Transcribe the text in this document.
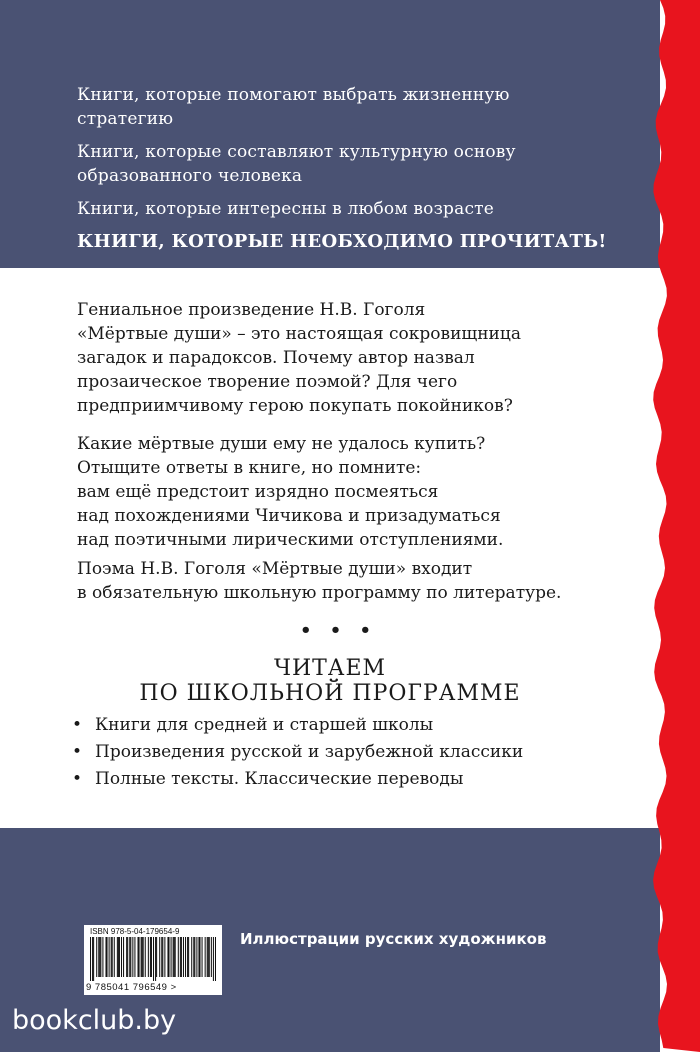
Книги, которые помогают выбрать жизненную
стратегию
Книги, которые составляют культурную основу
образованного человека
Книги, которые интересны в любом возрасте
КНИГИ, КОТОРЫЕ НЕОБХОДИМО ПРОЧИТАТЬ!
Гениальное произведение Н.В. Гоголя
«Мёртвые души» – это настоящая сокровищница
загадок и парадоксов. Почему автор назвал
прозаическое творение поэмой? Для чего
предприимчивому герою покупать покойников?
Какие мёртвые души ему не удалось купить?
Отыщите ответы в книге, но помните:
вам ещё предстоит изрядно посмеяться
над похождениями Чичикова и призадуматься
над поэтичными лирическими отступлениями.
Поэма Н.В. Гоголя «Мёртвые души» входит
в обязательную школьную программу по литературе.
• • •
ЧИТАЕМ
ПО ШКОЛЬНОЙ ПРОГРАММЕ
• Книги для средней и старшей школы
• Произведения русской и зарубежной классики
• Полные тексты. Классические переводы
ISBN 978-5-04-179654-9
9 785041 796549 >
Иллюстрации русских художников
bookclub.by
